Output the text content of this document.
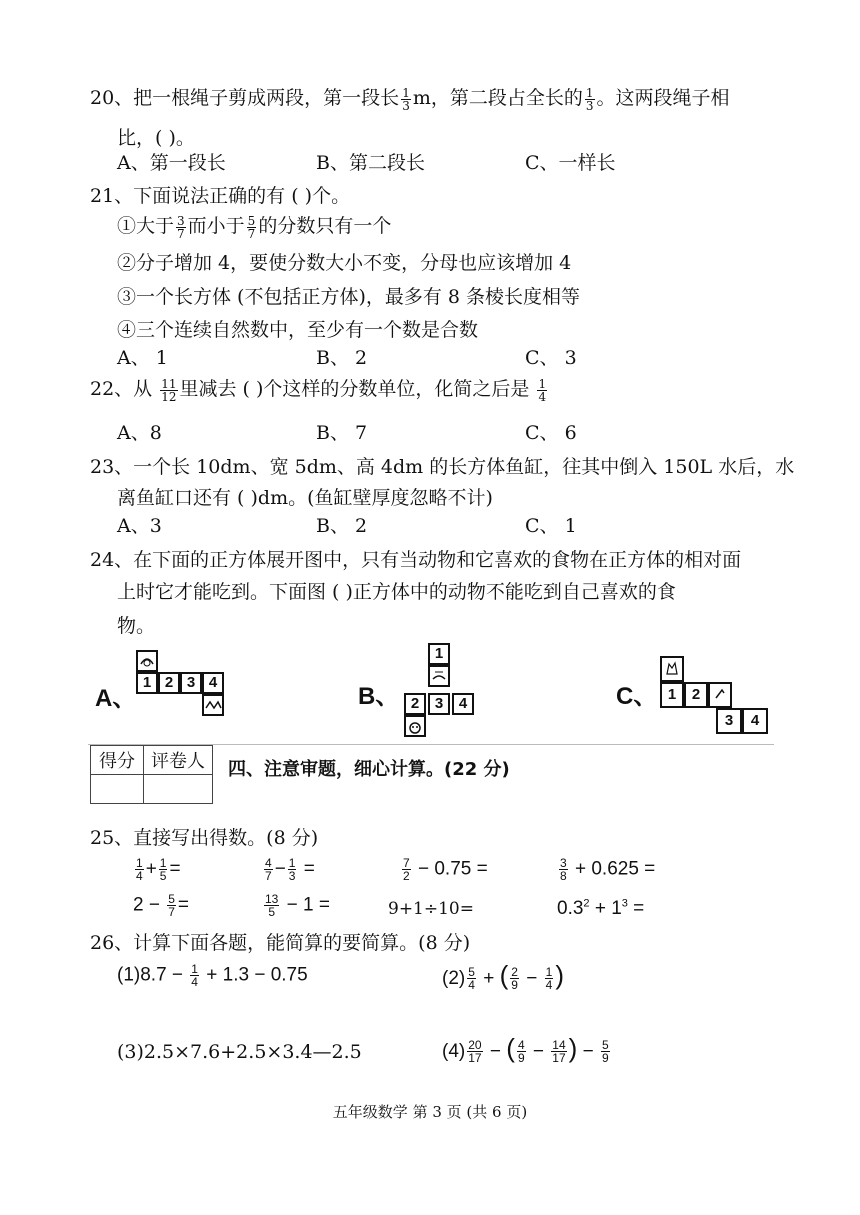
20、把一根绳子剪成两段，第一段长 $\frac{1}{3}$ m，第二段占全长的 $\frac{1}{3}$ 。这两段绳子相
比，( )。
A、第一段长	B、第二段长	C、一样长
21、下面说法正确的有 ( )个。
①大于 $\frac{3}{7}$ 而小于 $\frac{5}{7}$ 的分数只有一个
②分子增加 4，要使分数大小不变，分母也应该增加 4
③一个长方体 (不包括正方体)，最多有 8 条棱长度相等
④三个连续自然数中，至少有一个数是合数
A、 1	B、 2	C、 3
22、从 $\frac{11}{12}$ 里减去 ( )个这样的分数单位，化简之后是 $\frac{1}{4}$
A、8	B、 7	C、 6
23、一个长 10dm、宽 5dm、高 4dm 的长方体鱼缸，往其中倒入 150L 水后，水
离鱼缸口还有 ( )dm。(鱼缸壁厚度忽略不计)
A、3	B、 2	C、 1
24、在下面的正方体展开图中，只有当动物和它喜欢的食物在正方体的相对面
上时它才能吃到。下面图 ( )正方体中的动物不能吃到自己喜欢的食
物。
A、
1 2 3 4
B、
1
2	3	4	C、 1	2
3	4
得分	评卷人
	四、注意审题，细心计算。(22 分)
25、直接写出得数。(8 分)
$\frac{1}{4} + \frac{1}{5}$ =	$\frac{4}{7} - \frac{1}{3}$ =	$\frac{7}{2} - 0.75$ =	$\frac{3}{8} + 0.625$ =
$2 - \frac{5}{7}$ =	$\frac{13}{5} - 1$ =	9+1÷10=	$0.3^2 + 1^3$ =
26、计算下面各题，能简算的要简算。(8 分)
$(1)8.7 - \frac{1}{4} + 1.3 - 0.75$	$(2) \frac{5}{4}$ + ( $\frac{2}{9} - \frac{1}{4}$ )
(3)2.5×7.6+2.5×3.4—2.5	$(4) \frac{20}{17}$ − ( $\frac{4}{9} - \frac{14}{17}$ ) − $\frac{5}{9}$
五年级数学 第 3 页 (共 6 页)
